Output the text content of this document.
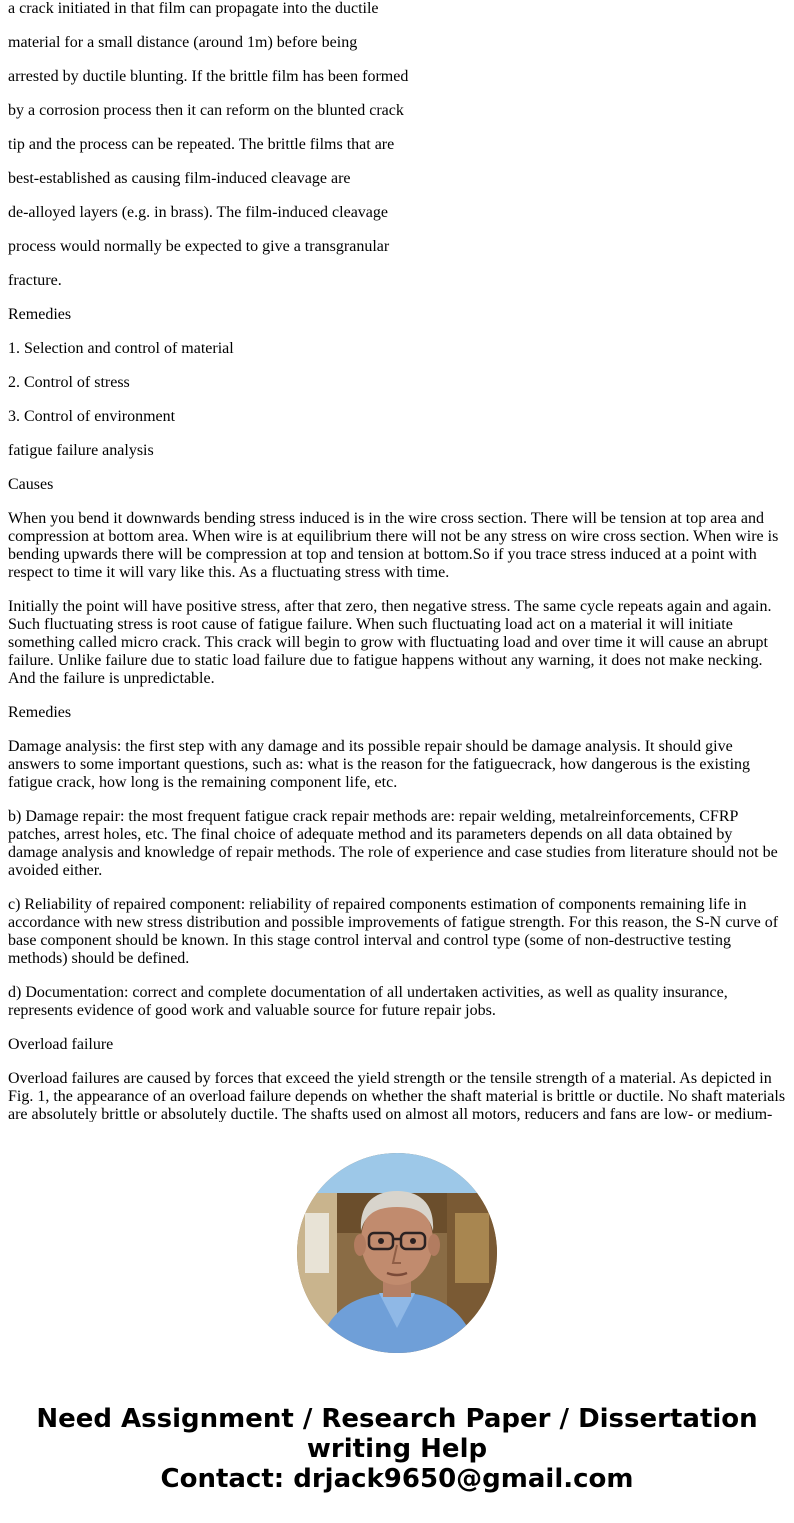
a crack initiated in that film can propagate into the ductile

material for a small distance (around 1m) before being

arrested by ductile blunting. If the brittle film has been formed

by a corrosion process then it can reform on the blunted crack

tip and the process can be repeated. The brittle films that are

best-established as causing film-induced cleavage are

de-alloyed layers (e.g. in brass). The film-induced cleavage

process would normally be expected to give a transgranular

fracture.

Remedies

1. Selection and control of material

2. Control of stress

3. Control of environment

fatigue failure analysis

Causes

When you bend it downwards bending stress induced is in the wire cross section. There will be tension at top area and compression at bottom area. When wire is at equilibrium there will not be any stress on wire cross section. When wire is bending upwards there will be compression at top and tension at bottom.So if you trace stress induced at a point with respect to time it will vary like this. As a fluctuating stress with time.

Initially the point will have positive stress, after that zero, then negative stress. The same cycle repeats again and again. Such fluctuating stress is root cause of fatigue failure. When such fluctuating load act on a material it will initiate something called micro crack. This crack will begin to grow with fluctuating load and over time it will cause an abrupt failure. Unlike failure due to static load failure due to fatigue happens without any warning, it does not make necking. And the failure is unpredictable.

Remedies

Damage analysis: the first step with any damage and its possible repair should be damage analysis. It should give answers to some important questions, such as: what is the reason for the fatiguecrack, how dangerous is the existing fatigue crack, how long is the remaining component life, etc.

b) Damage repair: the most frequent fatigue crack repair methods are: repair welding, metalreinforcements, CFRP patches, arrest holes, etc. The final choice of adequate method and its parameters depends on all data obtained by damage analysis and knowledge of repair methods. The role of experience and case studies from literature should not be avoided either.

c) Reliability of repaired component: reliability of repaired components estimation of components remaining life in accordance with new stress distribution and possible improvements of fatigue strength. For this reason, the S-N curve of base component should be known. In this stage control interval and control type (some of non-destructive testing methods) should be defined.

d) Documentation: correct and complete documentation of all undertaken activities, as well as quality insurance, represents evidence of good work and valuable source for future repair jobs.

Overload failure

Overload failures are caused by forces that exceed the yield strength or the tensile strength of a material. As depicted in Fig. 1, the appearance of an overload failure depends on whether the shaft material is brittle or ductile. No shaft materials are absolutely brittle or absolutely ductile. The shafts used on almost all motors, reducers and fans are low- or medium-

Need Assignment / Research Paper / Dissertation
writing Help
Contact: drjack9650@gmail.com
